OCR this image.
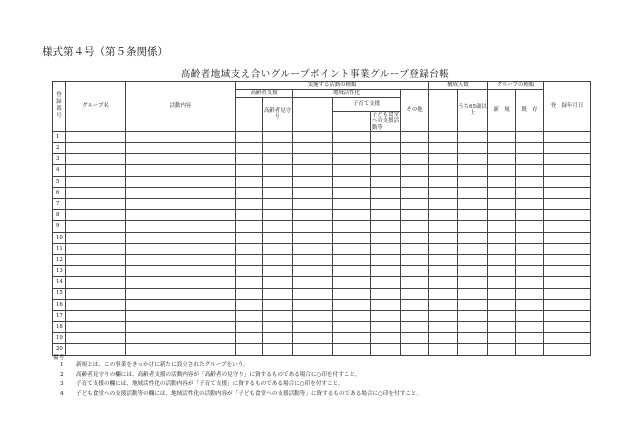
様式第４号（第５条関係）
高齢者地域支え合いグループポイント事業グループ登録台帳
登録番号	グループ名	活動内容	実施する活動の種類						構成人数		グループの種類		登　録年月日
			高齢者支援		地域活性化			その他		うち65歳以上	新　規	既　存	
				高齢者見守り		子育て支援							
							子ども食堂への支援活動等						
1													
2													
3													
4													
5													
6													
7													
8													
9													
10													
11													
12													
13													
14													
15													
16													
17													
18													
19													
20													
備考
1 新規とは、この事業をきっかけに新たに設立されたグループをいう。
2 高齢者見守りの欄には、高齢者支援の活動内容が「高齢者の見守り」に資するものである場合に○印を付すこと。
3 子育て支援の欄には、地域活性化の活動内容が「子育て支援」に資するものである場合に○印を付すこと。
4 子ども食堂への支援活動等の欄には、地域活性化の活動内容が「子ども食堂への支援活動等」に資するものである場合に○印を付すこと。
